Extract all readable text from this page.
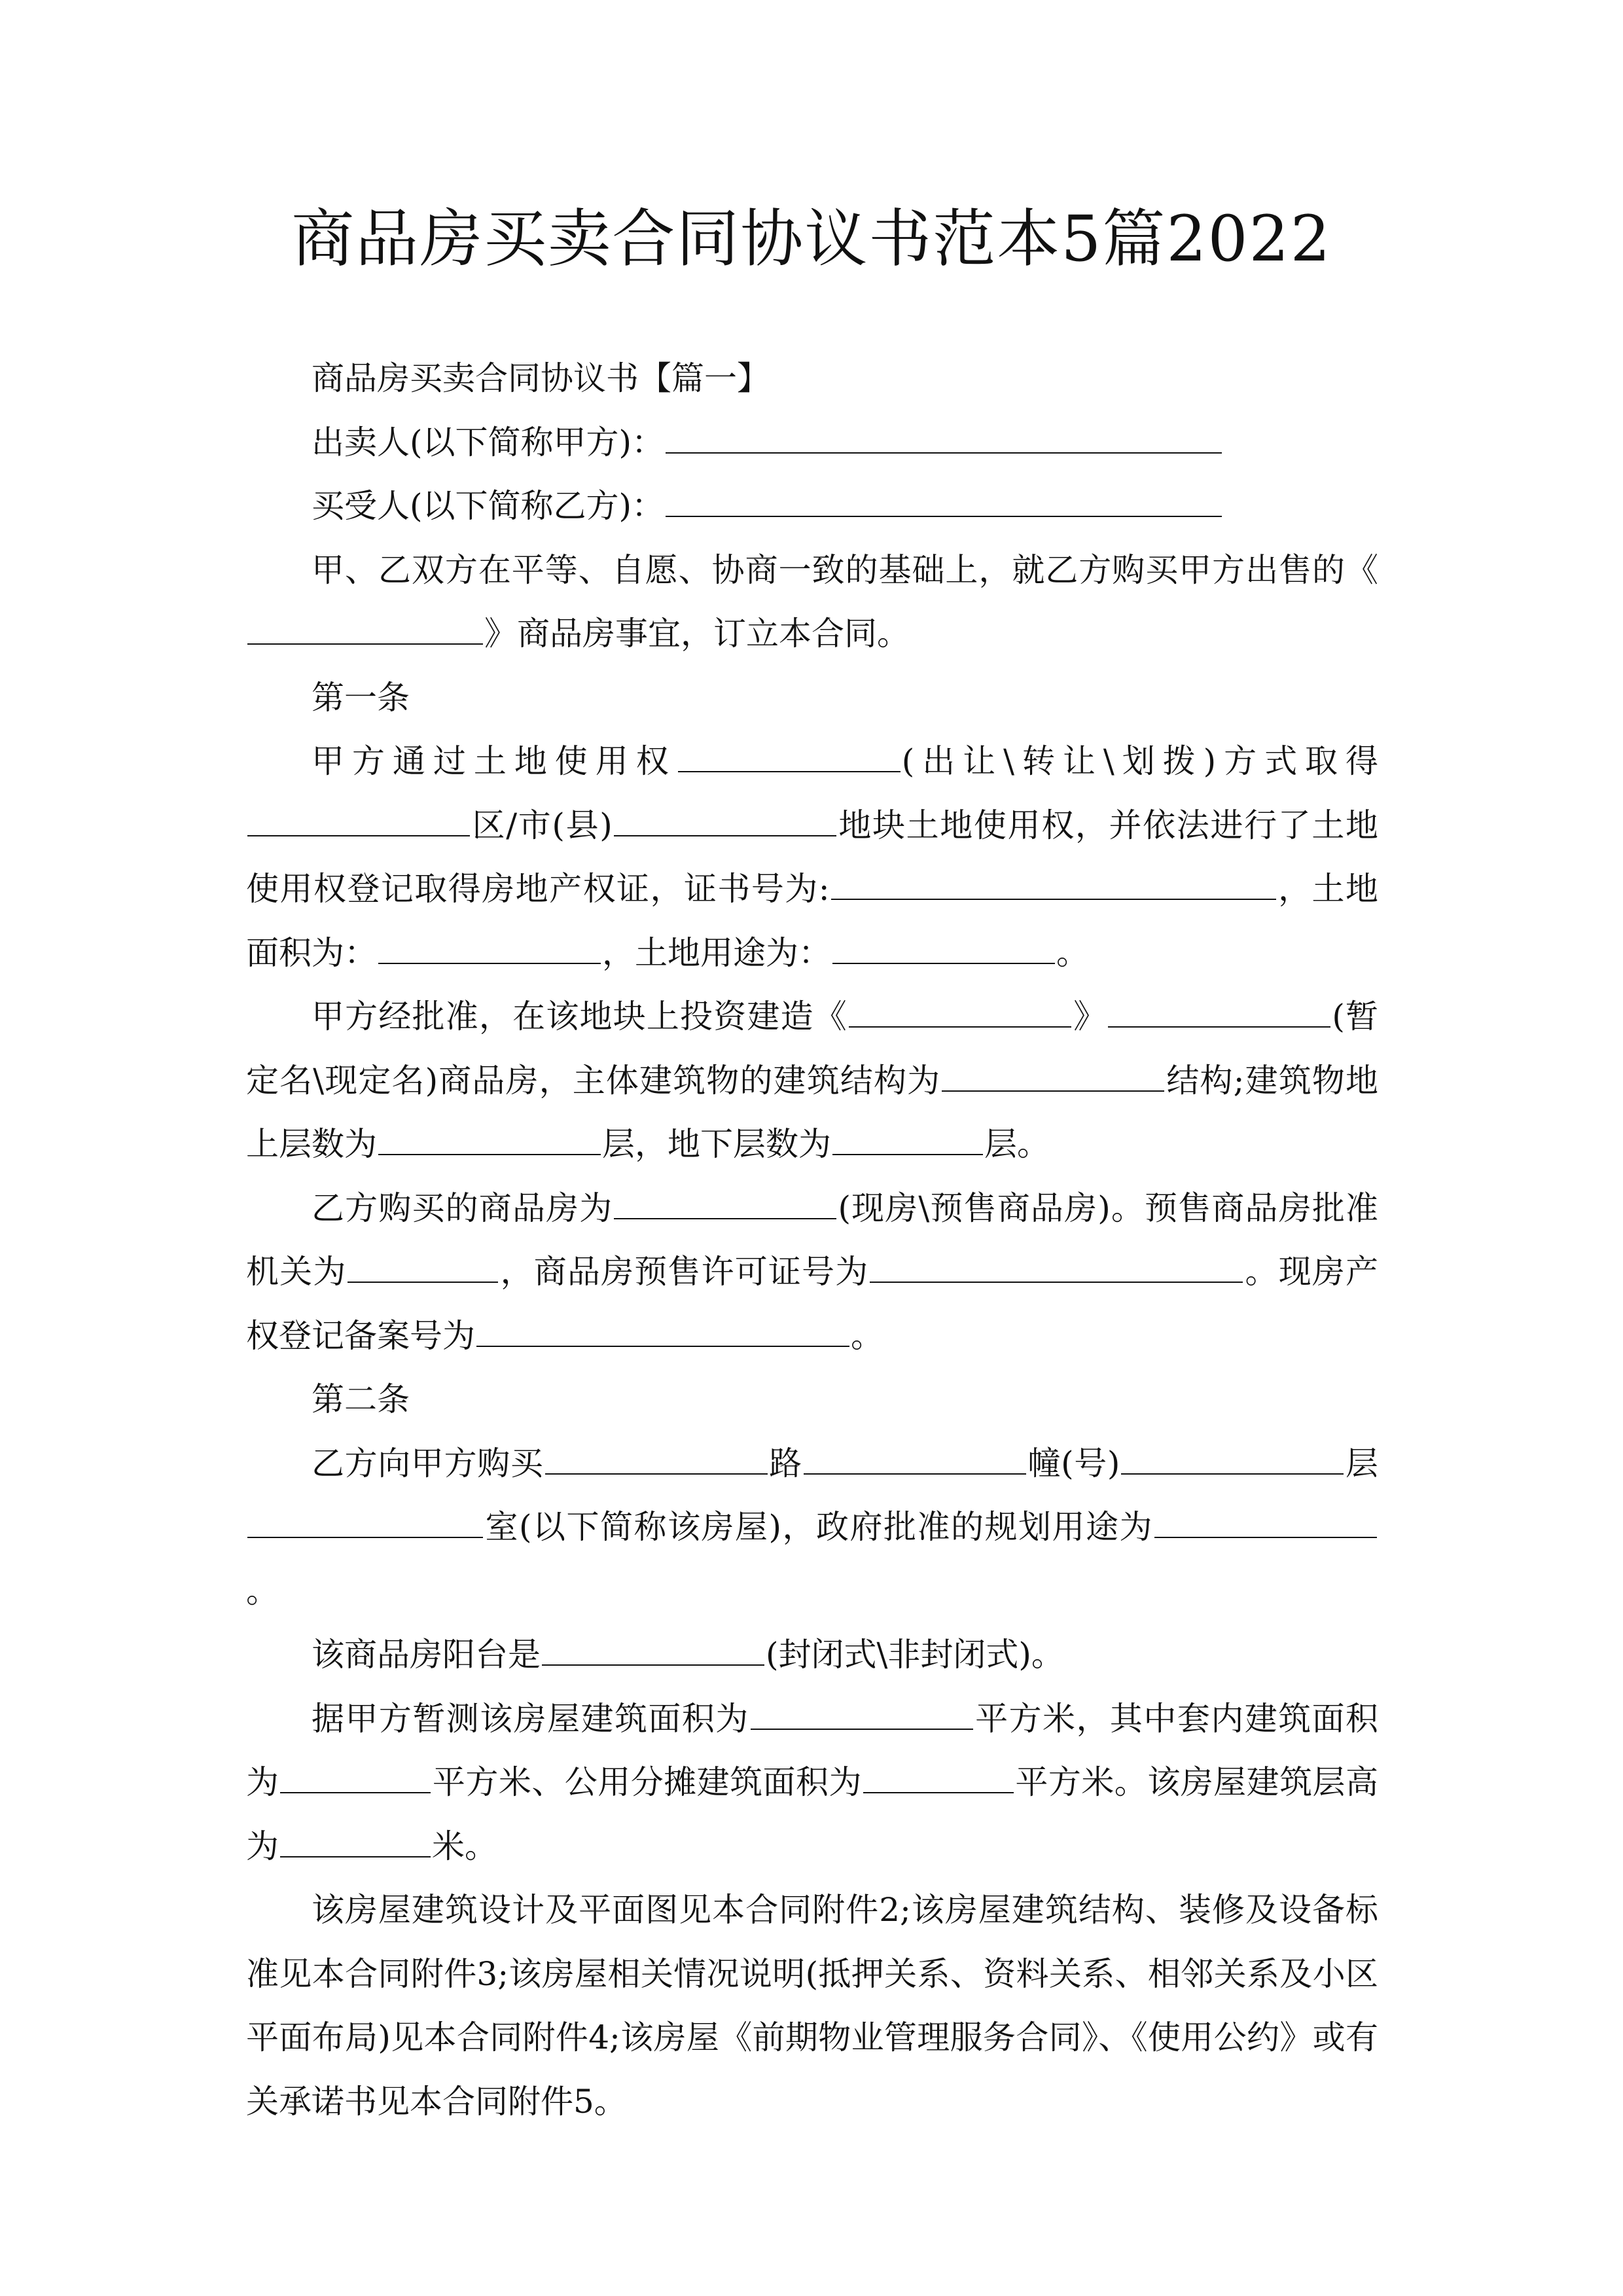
商品房买卖合同协议书范本5篇2022

商品房买卖合同协议书【篇一】

出卖人(以下简称甲方)：

买受人(以下简称乙方)：

甲、乙双方在平等、自愿、协商一致的基础上，就乙方购买甲方出售的《》商品房事宜，订立本合同。

第一条

甲方通过土地使用权	(出让\转让\划拨)方式取得区/市(县)	地块土地使用权，并依法进行了土地使用权登记取得房地产权证，证书号为:	，土地面积为：	，土地用途为：	。

甲方经批准，在该地块上投资建造《	》	(暂定名\现定名)商品房，主体建筑物的建筑结构为	结构;建筑物地上层数为	层，地下层数为	层。

乙方购买的商品房为	(现房\预售商品房)。预售商品房批准机关为	，商品房预售许可证号为	。现房产权登记备案号为	。

第二条

乙方向甲方购买	路	幢(号)	层室(以下简称该房屋)，政府批准的规划用途为。

该商品房阳台是	(封闭式\非封闭式)。

据甲方暂测该房屋建筑面积为	平方米，其中套内建筑面积为	平方米、公用分摊建筑面积为	平方米。该房屋建筑层高为	米。

该房屋建筑设计及平面图见本合同附件2;该房屋建筑结构、装修及设备标准见本合同附件3;该房屋相关情况说明(抵押关系、资料关系、相邻关系及小区平面布局)见本合同附件4;该房屋《前期物业管理服务合同》、《使用公约》或有关承诺书见本合同附件5。
